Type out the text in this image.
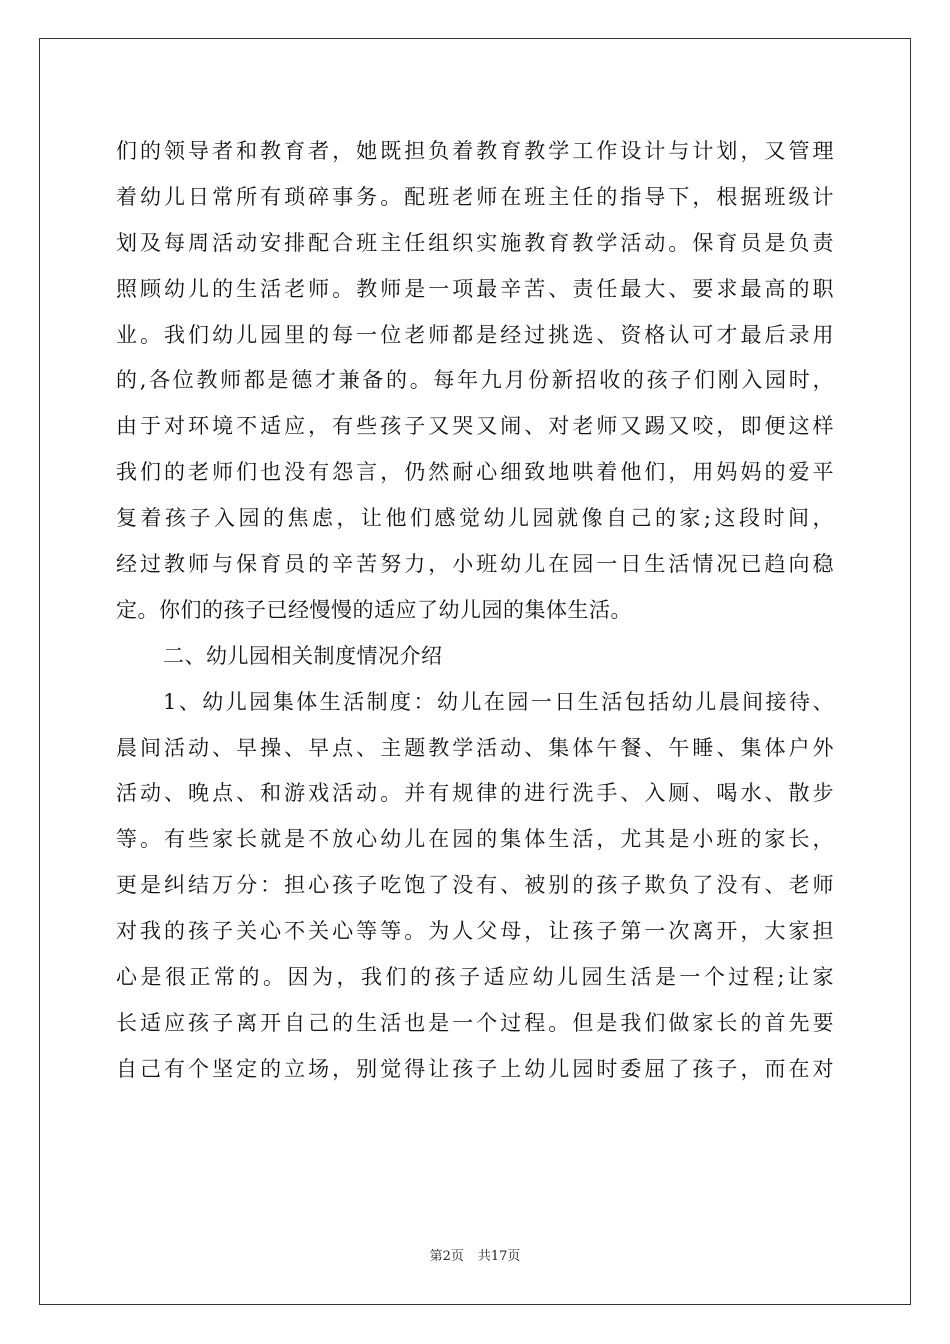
们的领导者和教育者，她既担负着教育教学工作设计与计划，又管理
着幼儿日常所有琐碎事务。配班老师在班主任的指导下，根据班级计
划及每周活动安排配合班主任组织实施教育教学活动。保育员是负责
照顾幼儿的生活老师。教师是一项最辛苦、责任最大、要求最高的职
业。我们幼儿园里的每一位老师都是经过挑选、资格认可才最后录用
的,各位教师都是德才兼备的。每年九月份新招收的孩子们刚入园时，
由于对环境不适应，有些孩子又哭又闹、对老师又踢又咬，即便这样
我们的老师们也没有怨言，仍然耐心细致地哄着他们，用妈妈的爱平
复着孩子入园的焦虑，让他们感觉幼儿园就像自己的家;这段时间，
经过教师与保育员的辛苦努力，小班幼儿在园一日生活情况已趋向稳
定。你们的孩子已经慢慢的适应了幼儿园的集体生活。
二、幼儿园相关制度情况介绍
1、幼儿园集体生活制度：幼儿在园一日生活包括幼儿晨间接待、
晨间活动、早操、早点、主题教学活动、集体午餐、午睡、集体户外
活动、晚点、和游戏活动。并有规律的进行洗手、入厕、喝水、散步
等。有些家长就是不放心幼儿在园的集体生活，尤其是小班的家长，
更是纠结万分：担心孩子吃饱了没有、被别的孩子欺负了没有、老师
对我的孩子关心不关心等等。为人父母，让孩子第一次离开，大家担
心是很正常的。因为，我们的孩子适应幼儿园生活是一个过程;让家
长适应孩子离开自己的生活也是一个过程。但是我们做家长的首先要
自己有个坚定的立场，别觉得让孩子上幼儿园时委屈了孩子，而在对
第2页 共17页
